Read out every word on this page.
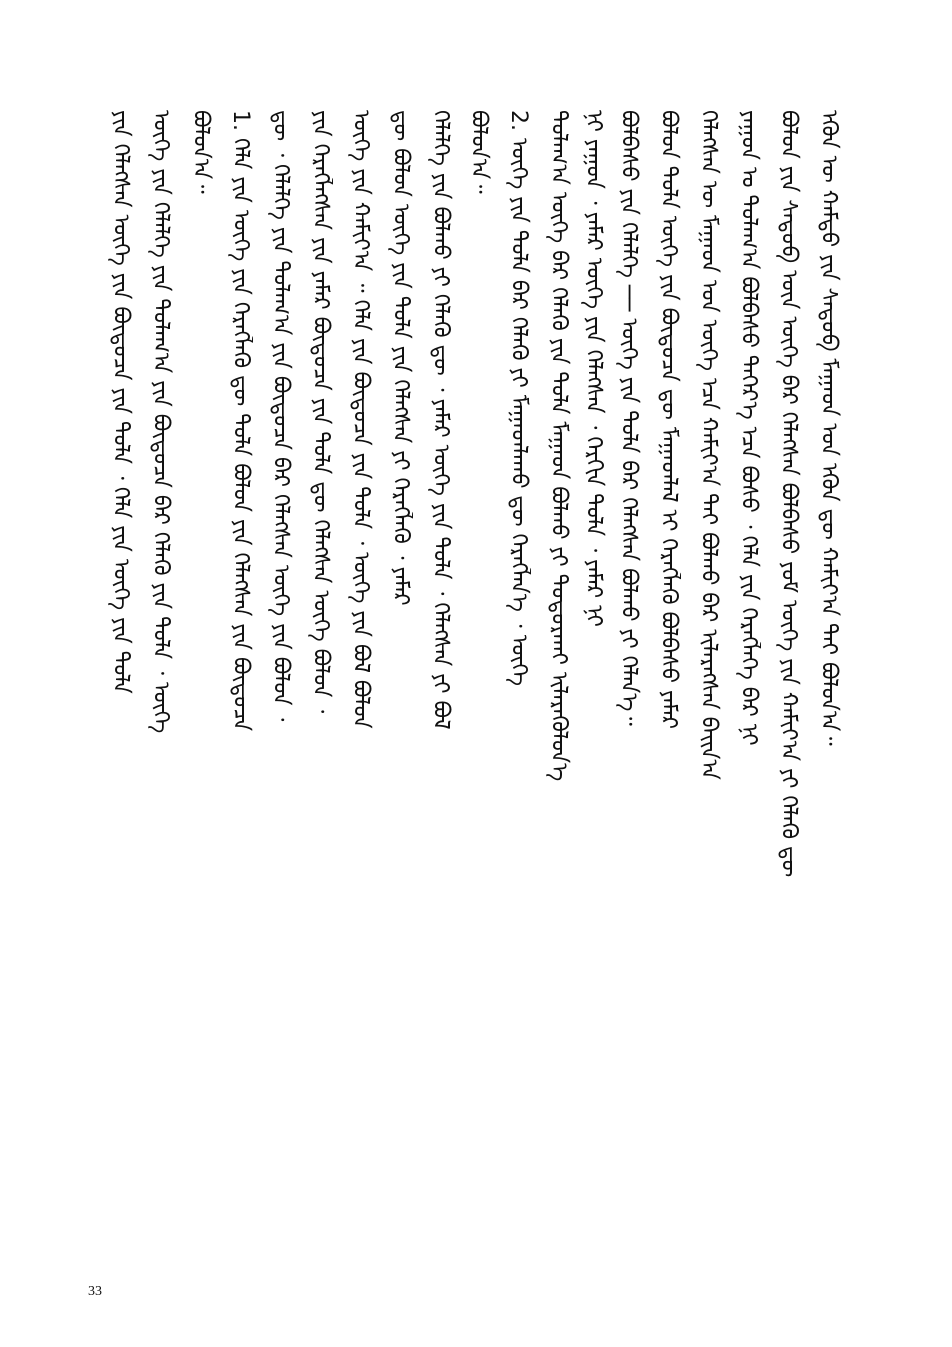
ᠡᠭᠦᠨ ᠦ ᠬᠠᠮᠲᠤ ᠶᠢᠨ ᠰᠡᠳᠦᠪ ᠮᠠᠭᠠᠳ ᠤᠨ ᠡᠭᠦᠨ ᠳᠦ ᠬᠠᠮᠢᠶ᠎ᠠ ᠲᠠᠢ ᠪᠣᠯᠤᠨ᠎ᠠ᠃
ᠪᠣᠯᠤᠨ ᠶᠢᠨ ᠰᠡᠳᠦᠪ ᠦᠨ ᠦᠭᠡ ᠪᠡᠷ ᠬᠡᠯᠡᠭᠰᠡᠨ ᠪᠣᠯᠪᠠᠰᠤ ᠶᠤᠮ ᠦᠭᠡ ᠶᠢᠨ ᠬᠠᠮᠢᠶ᠎ᠠ ᠶᠢ ᠬᠡᠯᠡᠬᠦ ᠳᠦ
ᠶᠠᠭᠤᠨ ᠤ ᠲᠤᠯᠠᠭ᠎ᠠ ᠪᠣᠯᠪᠠᠰᠤ ᠳᠡᠭᠡᠷ᠎ᠡ ᠡᠴᠡ ᠪᠤᠰᠤ ᠂ ᠬᠡᠯᠡ ᠶᠢᠨ ᠬᠡᠷᠡᠭᠯᠡᠭᠡ ᠪᠠᠷ ᠨᠢ
ᠬᠡᠯᠡᠭᠰᠡᠨ ᠦ ᠮᠠᠭᠠᠳ ᠤᠨ ᠦᠭᠡ ᠡᠴᠡ ᠬᠠᠮᠢᠶ᠎ᠠ ᠲᠠᠢ ᠪᠣᠯᠬᠤ ᠪᠡᠷ ᠢᠯᠡᠷᠡᠭᠰᠡᠨ ᠪᠠᠢᠨ᠎ᠠ
ᠪᠣᠯᠤᠨ ᠲᠤᠯᠠ ᠦᠭᠡ ᠶᠢᠨ ᠪᠦᠲᠦᠴᠡ ᠳᠦ ᠮᠠᠭᠠᠳᠯᠠᠯ ᠢ ᠬᠡᠷᠡᠭᠯᠡᠬᠦ ᠪᠣᠯᠪᠠᠰᠤ ᠶᠠᠮᠠᠷ
ᠪᠣᠯᠪᠠᠰᠤ ᠶᠢᠨ ᠬᠡᠯᠡᠯᠭᠡ ── ᠦᠭᠡ ᠶᠢᠨ ᠲᠤᠯᠠ ᠪᠡᠷ ᠬᠡᠯᠡᠭᠰᠡᠨ ᠪᠣᠯᠬᠤ ᠶᠢ ᠬᠡᠯᠡᠨ᠎ᠡ᠃
ᠨᠢ ᠶᠠᠭᠤᠨ ᠂ ᠶᠠᠮᠠᠷ ᠦᠭᠡ ᠶᠢᠨ ᠬᠡᠯᠡᠭᠰᠡᠨ ᠂ ᠬᠡᠷᠬᠢᠨ ᠲᠤᠯᠠ ᠂ ᠶᠠᠮᠠᠷ ᠨᠢ
ᠲᠤᠯᠠᠭ᠎ᠠ ᠦᠭᠡ ᠪᠠᠷ ᠬᠡᠯᠡᠬᠦ ᠶᠢᠨ ᠲᠤᠯᠠ ᠮᠠᠭᠠᠳ ᠪᠣᠯᠬᠤ ᠶᠢ ᠲᠣᠳᠣᠷᠬᠠᠢ ᠢᠯᠡᠷᠡᠭᠦᠯᠦᠨ᠎ᠡ
2. ᠦᠭᠡ ᠶᠢᠨ ᠲᠤᠯᠠ ᠪᠡᠷ ᠬᠡᠯᠡᠬᠦ ᠶᠢ ᠮᠠᠭᠠᠳᠯᠠᠬᠤ ᠳᠦ ᠬᠡᠷᠡᠭᠯᠡᠨ᠎ᠡ ᠂ ᠦᠭᠡ
ᠪᠣᠯᠤᠨ᠎ᠠ᠃
ᠬᠡᠯᠡᠯᠭᠡ ᠶᠢᠨ ᠪᠣᠯᠬᠤ ᠶᠢ ᠬᠡᠯᠡᠬᠦ ᠳᠦ ᠂ ᠶᠠᠮᠠᠷ ᠦᠭᠡ ᠶᠢᠨ ᠲᠤᠯᠠ ᠂ ᠬᠡᠯᠡᠭᠰᠡᠨ ᠶᠢ ᠪᠣᠯ
ᠳᠦ ᠪᠣᠯᠤᠨ ᠦᠭᠡ ᠶᠢᠨ ᠲᠤᠯᠠ ᠶᠢᠨ ᠬᠡᠯᠡᠭᠰᠡᠨ ᠶᠢ ᠬᠡᠷᠡᠭᠯᠡᠬᠦ ᠂ ᠶᠠᠮᠠᠷ
ᠦᠭᠡ ᠶᠢᠨ ᠬᠠᠮᠢᠶ᠎ᠠ ᠃ ᠬᠡᠯᠡ ᠶᠢᠨ ᠪᠦᠲᠦᠴᠡ ᠶᠢᠨ ᠲᠤᠯᠠ ᠂ ᠦᠭᠡ ᠶᠢᠨ ᠪᠣᠯ ᠪᠣᠯᠤᠨ
ᠶᠢᠨ ᠬᠡᠷᠡᠭᠯᠡᠭᠰᠡᠨ ᠶᠢᠨ ᠶᠠᠮᠠᠷ ᠪᠦᠲᠦᠴᠡ ᠶᠢᠨ ᠲᠤᠯᠠ ᠳᠦ ᠬᠡᠯᠡᠭᠰᠡᠨ ᠦᠭᠡ ᠪᠣᠯᠤᠨ ᠂
ᠳᠦ ᠂ ᠬᠡᠯᠡᠯᠭᠡ ᠶᠢᠨ ᠲᠤᠯᠠᠭ᠎ᠠ ᠶᠢᠨ ᠪᠦᠲᠦᠴᠡ ᠪᠠᠷ ᠬᠡᠯᠡᠭᠰᠡᠨ ᠦᠭᠡ ᠶᠢᠨ ᠪᠣᠯᠤᠨ ᠂
1. ᠬᠡᠯᠡ ᠶᠢᠨ ᠦᠭᠡ ᠶᠢᠨ ᠬᠡᠷᠡᠭᠯᠡᠬᠦ ᠳᠦ ᠲᠤᠯᠠ ᠪᠣᠯᠤᠨ ᠶᠢᠨ ᠬᠡᠯᠡᠭᠰᠡᠨ ᠶᠢᠨ ᠪᠦᠲᠦᠴᠡ
ᠪᠣᠯᠤᠨ᠎ᠠ᠃
ᠦᠭᠡ ᠶᠢᠨ ᠬᠡᠯᠡᠯᠭᠡ ᠶᠢᠨ ᠲᠤᠯᠠᠭ᠎ᠠ ᠶᠢᠨ ᠪᠦᠲᠦᠴᠡ ᠪᠠᠷ ᠬᠡᠯᠡᠬᠦ ᠶᠢᠨ ᠲᠤᠯᠠ ᠂ ᠦᠭᠡ
ᠶᠢᠨ ᠬᠡᠯᠡᠭᠰᠡᠨ ᠦᠭᠡ ᠶᠢᠨ ᠪᠦᠲᠦᠴᠡ ᠶᠢᠨ ᠲᠤᠯᠠ ᠂ ᠬᠡᠯᠡ ᠶᠢᠨ ᠦᠭᠡ ᠶᠢᠨ ᠲᠤᠯᠠ
33
